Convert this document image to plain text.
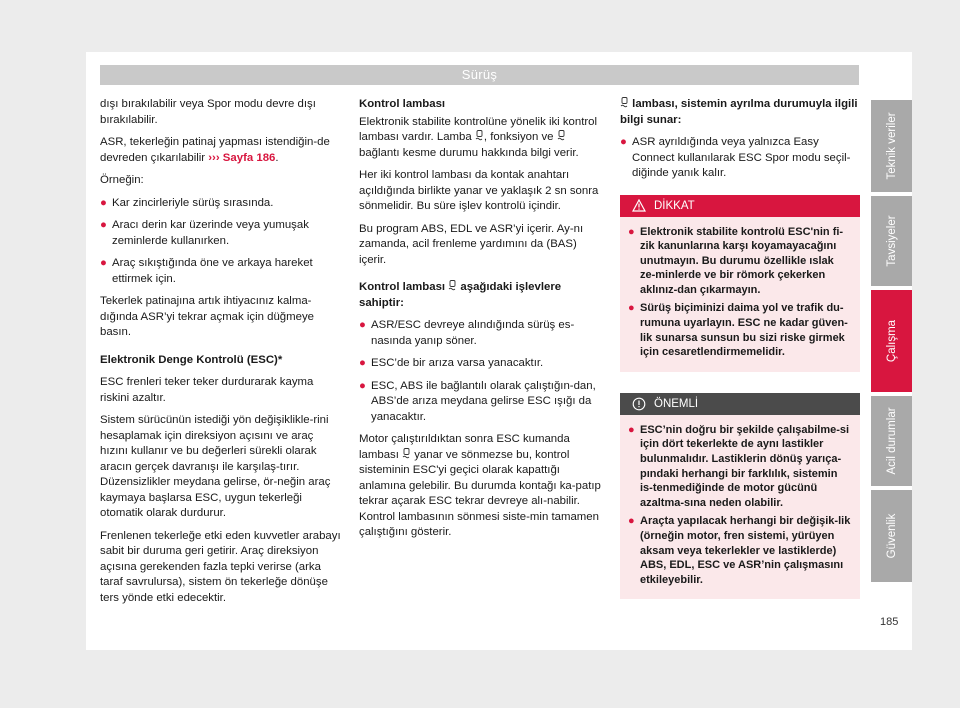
Sürüş

dışı bırakılabilir veya Spor modu devre dışı bırakılabilir.

ASR, tekerleğin patinaj yapması istendiğin-de devreden çıkarılabilir ››› Sayfa 186.

Örneğin:

● Kar zincirleriyle sürüş sırasında.
● Aracı derin kar üzerinde veya yumuşak zeminlerde kullanırken.
● Araç sıkıştığında öne ve arkaya hareket ettirmek için.

Tekerlek patinajına artık ihtiyacınız kalma-dığında ASR’yi tekrar açmak için düğmeye basın.

Elektronik Denge Kontrolü (ESC)*

ESC frenleri teker teker durdurarak kayma riskini azaltır.

Sistem sürücünün istediği yön değişiklikle-rini hesaplamak için direksiyon açısını ve araç hızını kullanır ve bu değerleri sürekli olarak aracın gerçek davranışı ile karşılaş-tırır. Düzensizlikler meydana gelirse, ör-neğin araç kaymaya başlarsa ESC, uygun tekerleği otomatik olarak durdurur.

Frenlenen tekerleğe etki eden kuvvetler arabayı sabit bir duruma geri getirir. Araç direksiyon açısına gerekenden fazla tepki verirse (arka taraf savrulursa), sistem ön tekerleğe dönüşe ters yönde etki edecektir.

Kontrol lambası

Elektronik stabilite kontrolüne yönelik iki kontrol lambası vardır. Lamba , fonksiyon ve  bağlantı kesme durumu hakkında bilgi verir.

Her iki kontrol lambası da kontak anahtarı açıldığında birlikte yanar ve yaklaşık 2 sn sonra sönmelidir. Bu süre işlev kontrolü içindir.

Bu program ABS, EDL ve ASR’yi içerir. Ay-nı zamanda, acil frenleme yardımını da (BAS) içerir.

Kontrol lambası  aşağıdaki işlevlere sahiptir:

● ASR/ESC devreye alındığında sürüş es-nasında yanıp söner.
● ESC’de bir arıza varsa yanacaktır.
● ESC, ABS ile bağlantılı olarak çalıştığın-dan, ABS’de arıza meydana gelirse ESC ışığı da yanacaktır.

Motor çalıştırıldıktan sonra ESC kumanda lambası  yanar ve sönmezse bu, kontrol sisteminin ESC'yi geçici olarak kapattığı anlamına gelebilir. Bu durumda kontağı ka-patıp tekrar açarak ESC tekrar devreye alı-nabilir. Kontrol lambasının sönmesi siste-min tamamen çalıştığını gösterir.

lambası, sistemin ayrılma durumuyla ilgili bilgi sunar:

● ASR ayrıldığında veya yalnızca Easy Connect kullanılarak ESC Spor modu seçil-diğinde yanık kalır.
DİKKAT
● Elektronik stabilite kontrolü ESC'nin fi-zik kanunlarına karşı koyamayacağını unutmayın. Bu durumu özellikle ıslak ze-minlerde ve bir römork çekerken aklınız-dan çıkarmayın.
● Sürüş biçiminizi daima yol ve trafik du-rumuna uyarlayın. ESC ne kadar güven-lik sunarsa sunsun bu sizi riske girmek için cesaretlendirmemelidir.
ÖNEMLİ
● ESC’nin doğru bir şekilde çalışabilme-si için dört tekerlekte de aynı lastikler bulunmalıdır. Lastiklerin dönüş yarıça-pındaki herhangi bir farklılık, sistemin is-tenmediğinde de motor gücünü azaltma-sına neden olabilir.
● Araçta yapılacak herhangi bir değişik-lik (örneğin motor, fren sistemi, yürüyen aksam veya tekerlekler ve lastiklerde) ABS, EDL, ESC ve ASR’nin çalışmasını etkileyebilir.
Teknik veriler
Tavsiyeler
Çalışma
Acil durumlar
Güvenlik
185
